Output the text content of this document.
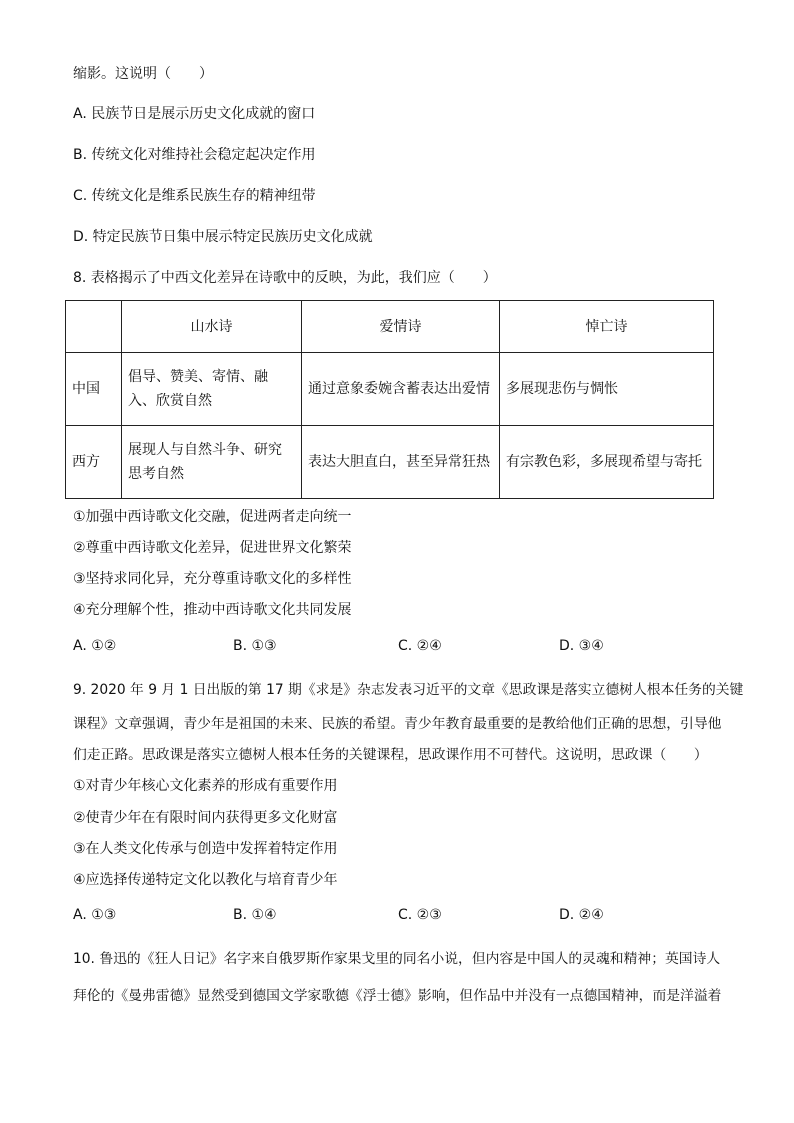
缩影。这说明（　　）
A. 民族节日是展示历史文化成就的窗口
B. 传统文化对维持社会稳定起决定作用
C. 传统文化是维系民族生存的精神纽带
D. 特定民族节日集中展示特定民族历史文化成就
8. 表格揭示了中西文化差异在诗歌中的反映，为此，我们应（　　）
	山水诗	爱情诗	悼亡诗
中国	倡导、赞美、寄情、融入、欣赏自然	通过意象委婉含蓄表达出爱情	多展现悲伤与惆怅
西方	展现人与自然斗争、研究思考自然	表达大胆直白，甚至异常狂热	有宗教色彩，多展现希望与寄托
①加强中西诗歌文化交融，促进两者走向统一
②尊重中西诗歌文化差异，促进世界文化繁荣
③坚持求同化异，充分尊重诗歌文化的多样性
④充分理解个性，推动中西诗歌文化共同发展
A. ①②	B. ①③	C. ②④	D. ③④
9. 2020 年 9 月 1 日出版的第 17 期《求是》杂志发表习近平的文章《思政课是落实立德树人根本任务的关键
课程》文章强调，青少年是祖国的未来、民族的希望。青少年教育最重要的是教给他们正确的思想，引导他
们走正路。思政课是落实立德树人根本任务的关键课程，思政课作用不可替代。这说明，思政课（　　）
①对青少年核心文化素养的形成有重要作用
②使青少年在有限时间内获得更多文化财富
③在人类文化传承与创造中发挥着特定作用
④应选择传递特定文化以教化与培育青少年
A. ①③	B. ①④	C. ②③	D. ②④
10. 鲁迅的《狂人日记》名字来自俄罗斯作家果戈里的同名小说，但内容是中国人的灵魂和精神；英国诗人
拜伦的《曼弗雷德》显然受到德国文学家歌德《浮士德》影响，但作品中并没有一点德国精神，而是洋溢着
